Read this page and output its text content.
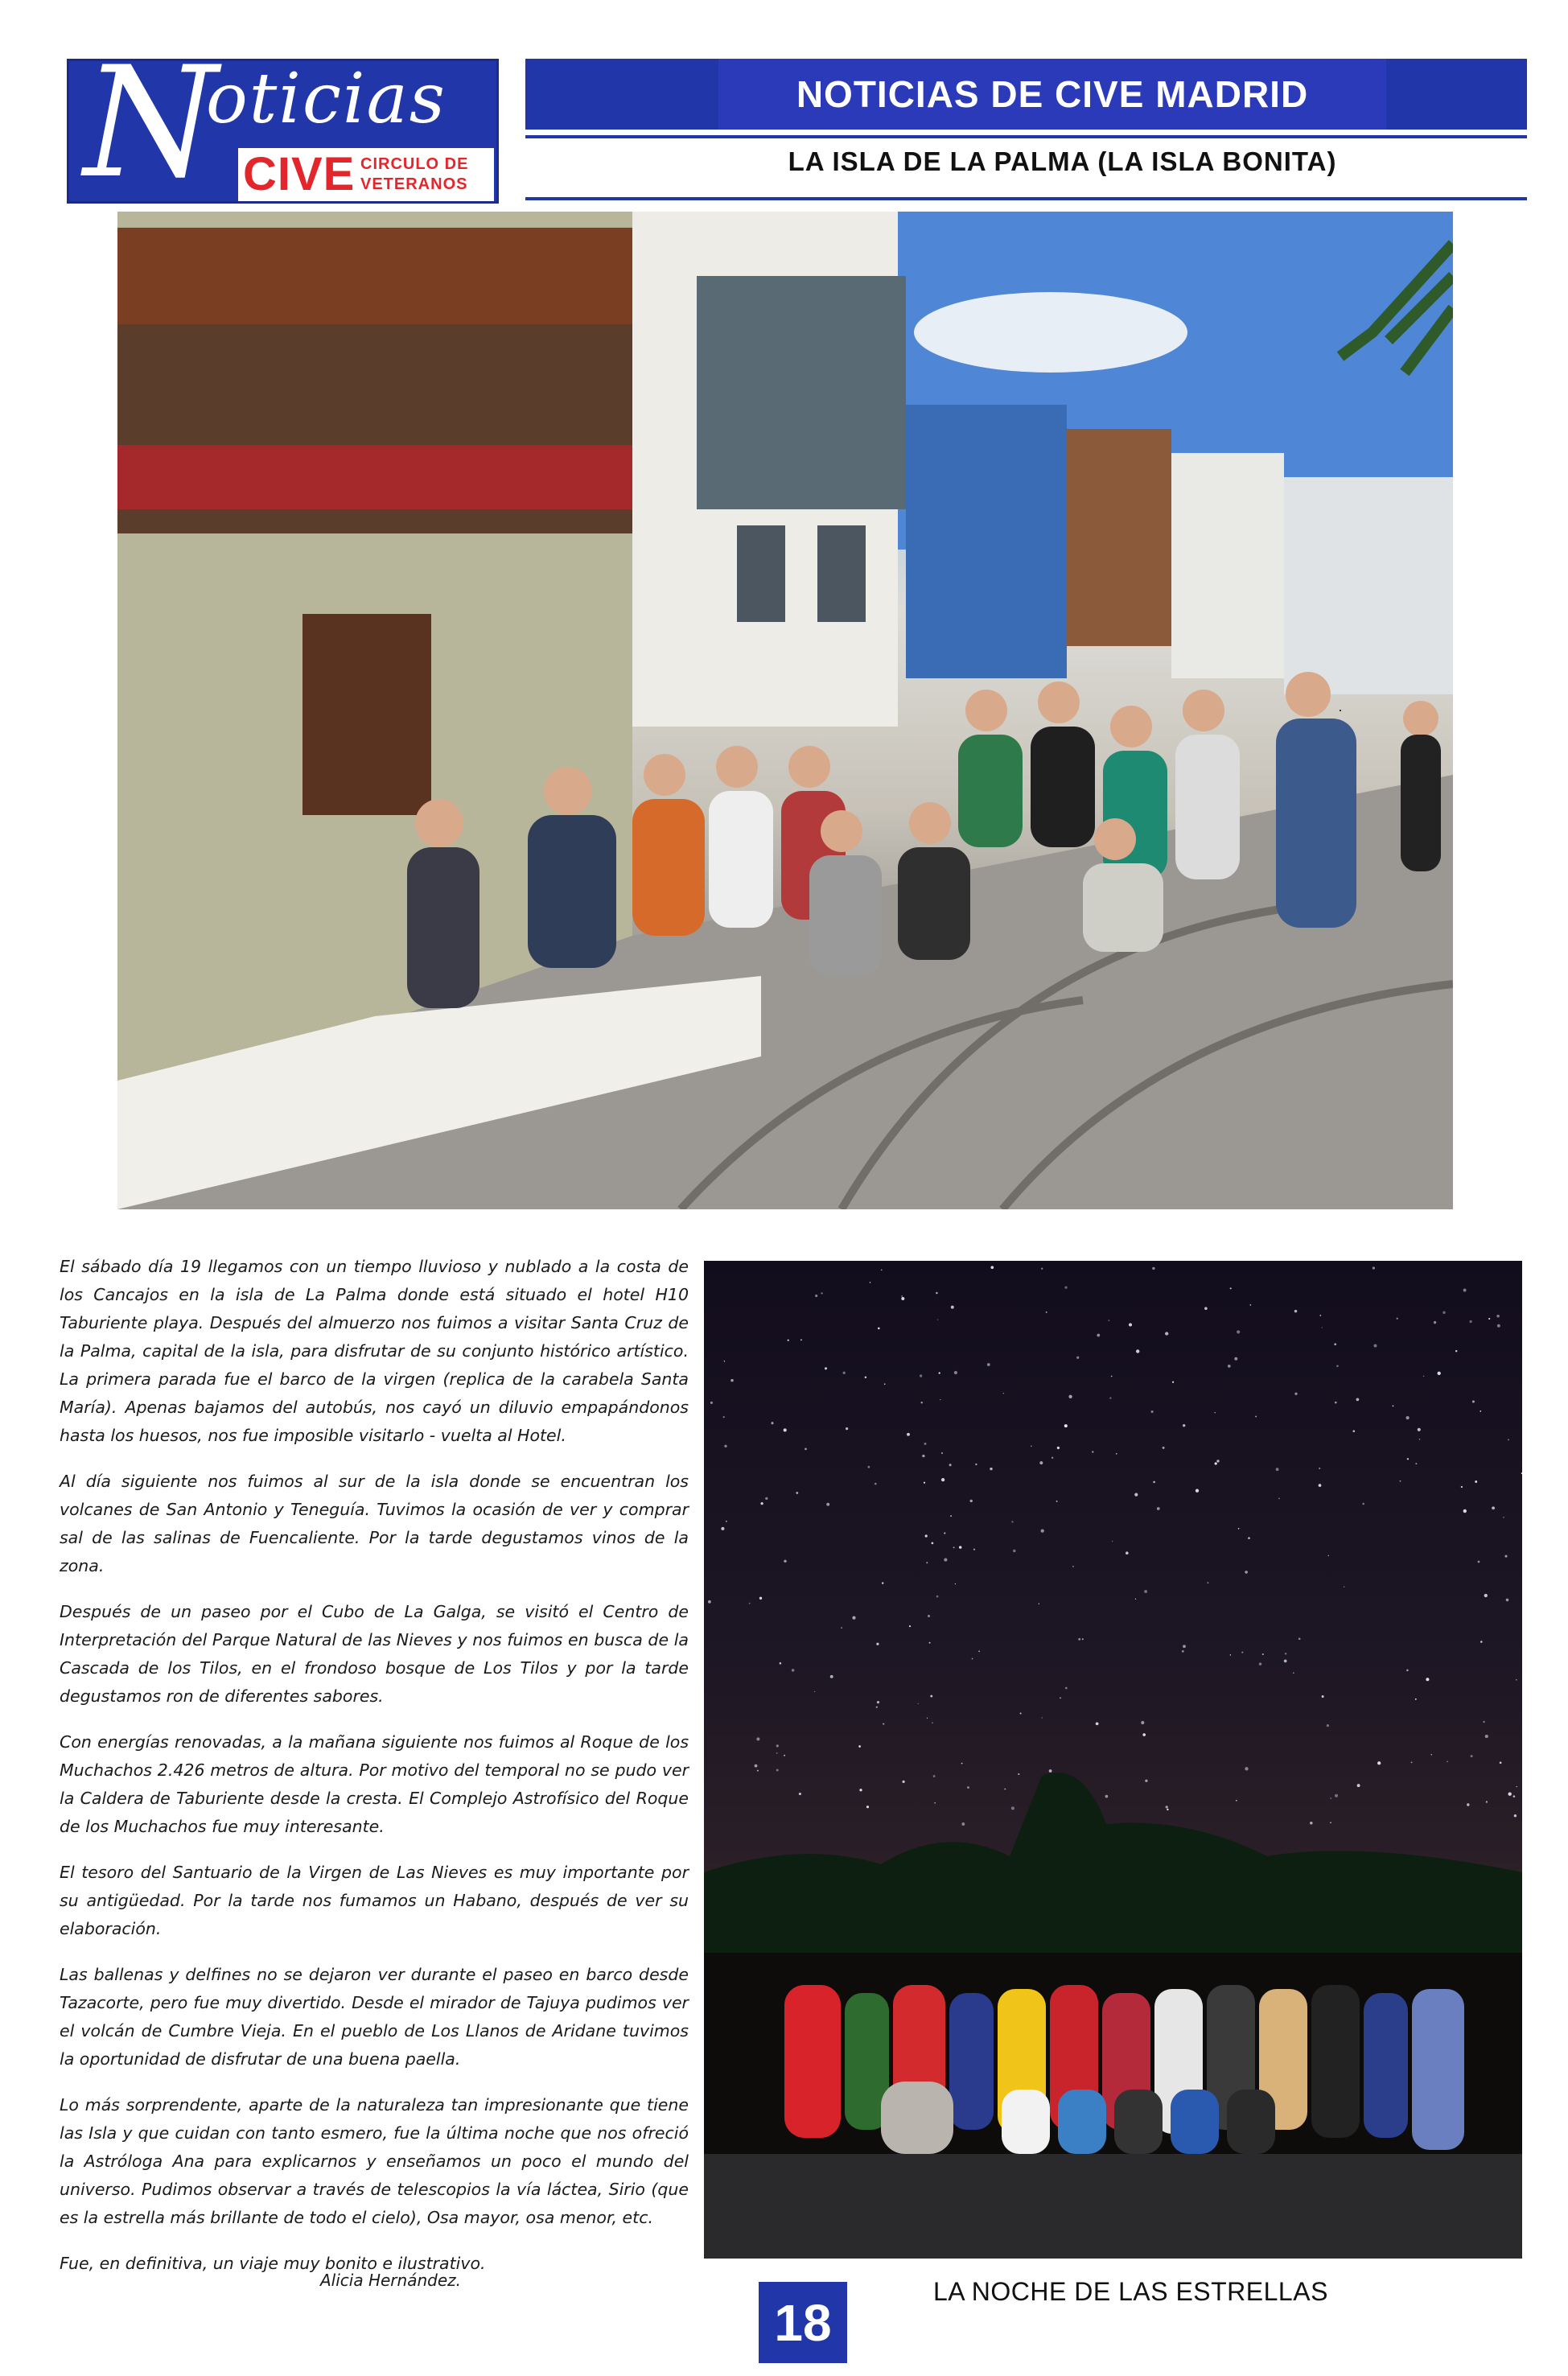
N
oticias
CIVE CIRCULO DE VETERANOS
NOTICIAS DE CIVE MADRID
LA ISLA DE LA PALMA (LA ISLA BONITA)

El sábado día 19 llegamos con un tiempo lluvioso y nublado a la costa de los Cancajos en la isla de La Palma donde está situado el hotel H10 Taburiente playa. Después del almuerzo nos fuimos a visitar Santa Cruz de la Palma, capital de la isla, para disfrutar de su conjunto histórico artístico. La primera parada fue el barco de la virgen (replica de la carabela Santa María). Apenas bajamos del autobús, nos cayó un diluvio empapándonos hasta los huesos, nos fue imposible visitarlo - vuelta al Hotel.

Al día siguiente nos fuimos al sur de la isla donde se encuentran los volcanes de San Antonio y Teneguía. Tuvimos la ocasión de ver y comprar sal de las salinas de Fuencaliente. Por la tarde degustamos vinos de la zona.

Después de un paseo por el Cubo de La Galga, se visitó el Centro de Interpretación del Parque Natural de las Nieves y nos fuimos en busca de la Cascada de los Tilos, en el frondoso bosque de Los Tilos y por la tarde degustamos ron de diferentes sabores.

Con energías renovadas, a la mañana siguiente nos fuimos al Roque de los Muchachos 2.426 metros de altura. Por motivo del temporal no se pudo ver la Caldera de Taburiente desde la cresta. El Complejo Astrofísico del Roque de los Muchachos fue muy interesante.

El tesoro del Santuario de la Virgen de Las Nieves es muy importante por su antigüedad. Por la tarde nos fumamos un Habano, después de ver su elaboración.

Las ballenas y delfines no se dejaron ver durante el paseo en barco desde Tazacorte, pero fue muy divertido. Desde el mirador de Tajuya pudimos ver el volcán de Cumbre Vieja. En el pueblo de Los Llanos de Aridane tuvimos la oportunidad de disfrutar de una buena paella.

Lo más sorprendente, aparte de la naturaleza tan impresionante que tiene las Isla y que cuidan con tanto esmero, fue la última noche que nos ofreció la Astróloga Ana para explicarnos y enseñamos un poco el mundo del universo. Pudimos observar a través de telescopios la vía láctea, Sirio (que es la estrella más brillante de todo el cielo), Osa mayor, osa menor, etc.

Fue, en definitiva, un viaje muy bonito e ilustrativo.

Alicia Hernández.
18
LA NOCHE DE LAS ESTRELLAS
